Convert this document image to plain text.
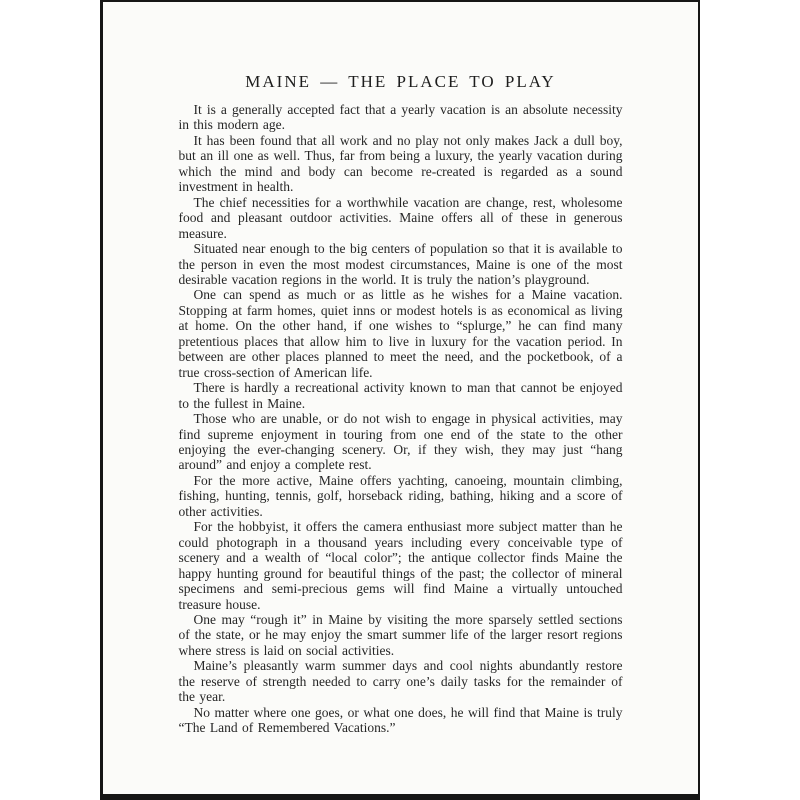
MAINE — THE PLACE TO PLAY

It is a generally accepted fact that a yearly vacation is an absolute necessity in this modern age.

It has been found that all work and no play not only makes Jack a dull boy, but an ill one as well. Thus, far from being a luxury, the yearly vacation during which the mind and body can become re-created is regarded as a sound investment in health.

The chief necessities for a worthwhile vacation are change, rest, wholesome food and pleasant outdoor activities. Maine offers all of these in generous measure.

Situated near enough to the big centers of population so that it is available to the person in even the most modest circumstances, Maine is one of the most desirable vacation regions in the world. It is truly the nation’s playground.

One can spend as much or as little as he wishes for a Maine vacation. Stopping at farm homes, quiet inns or modest hotels is as economical as living at home. On the other hand, if one wishes to “splurge,” he can find many pretentious places that allow him to live in luxury for the vacation period. In between are other places planned to meet the need, and the pocketbook, of a true cross-section of American life.

There is hardly a recreational activity known to man that cannot be enjoyed to the fullest in Maine.

Those who are unable, or do not wish to engage in physical activities, may find supreme enjoyment in touring from one end of the state to the other enjoying the ever-changing scenery. Or, if they wish, they may just “hang around” and enjoy a complete rest.

For the more active, Maine offers yachting, canoeing, mountain climbing, fishing, hunting, tennis, golf, horseback riding, bathing, hiking and a score of other activities.

For the hobbyist, it offers the camera enthusiast more subject matter than he could photograph in a thousand years including every conceivable type of scenery and a wealth of “local color”; the antique collector finds Maine the happy hunting ground for beautiful things of the past; the collector of mineral specimens and semi-precious gems will find Maine a virtually untouched treasure house.

One may “rough it” in Maine by visiting the more sparsely settled sections of the state, or he may enjoy the smart summer life of the larger resort regions where stress is laid on social activities.

Maine’s pleasantly warm summer days and cool nights abundantly restore the reserve of strength needed to carry one’s daily tasks for the remainder of the year.

No matter where one goes, or what one does, he will find that Maine is truly “The Land of Remembered Vacations.”
